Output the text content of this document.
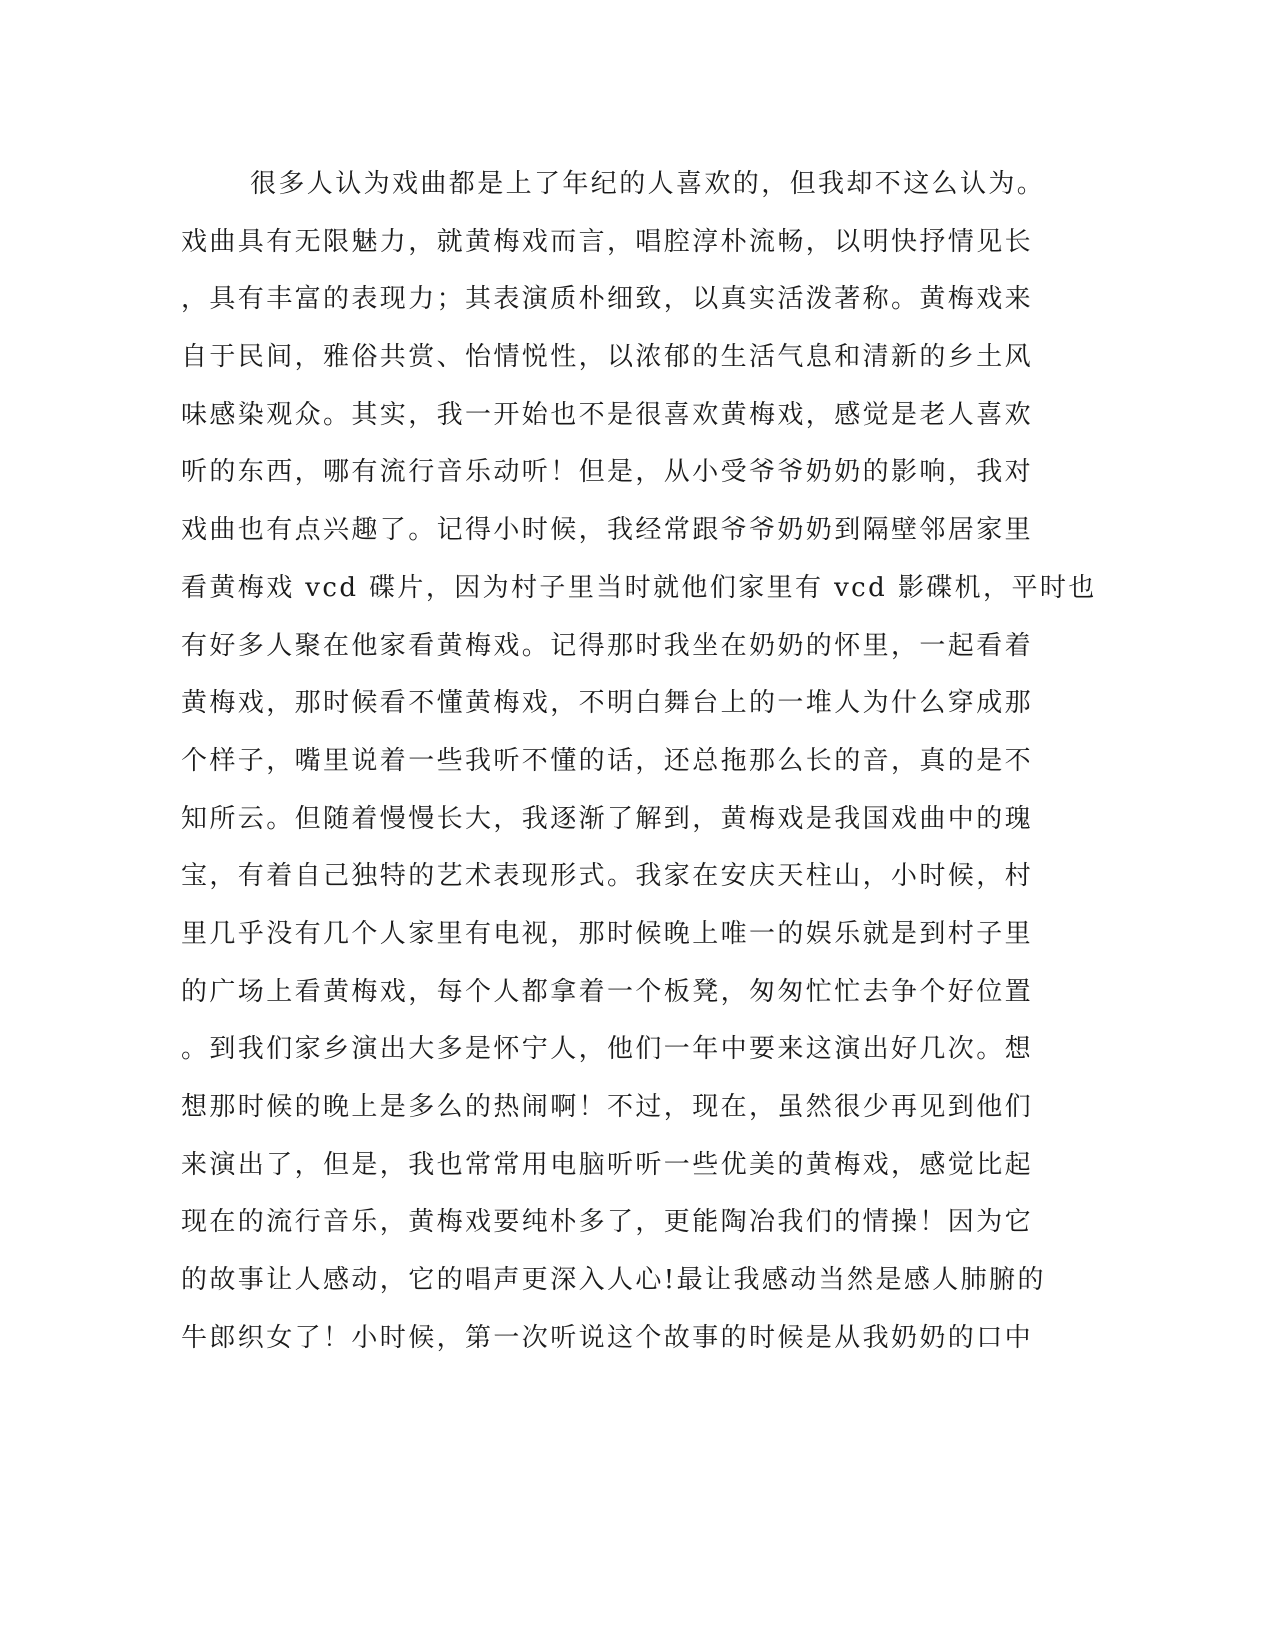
很多人认为戏曲都是上了年纪的人喜欢的，但我却不这么认为。
戏曲具有无限魅力，就黄梅戏而言，唱腔淳朴流畅，以明快抒情见长
，具有丰富的表现力；其表演质朴细致，以真实活泼著称。黄梅戏来
自于民间，雅俗共赏、怡情悦性，以浓郁的生活气息和清新的乡土风
味感染观众。其实，我一开始也不是很喜欢黄梅戏，感觉是老人喜欢
听的东西，哪有流行音乐动听！但是，从小受爷爷奶奶的影响，我对
戏曲也有点兴趣了。记得小时候，我经常跟爷爷奶奶到隔壁邻居家里
看黄梅戏 vcd 碟片，因为村子里当时就他们家里有 vcd 影碟机，平时也
有好多人聚在他家看黄梅戏。记得那时我坐在奶奶的怀里，一起看着
黄梅戏，那时候看不懂黄梅戏，不明白舞台上的一堆人为什么穿成那
个样子，嘴里说着一些我听不懂的话，还总拖那么长的音，真的是不
知所云。但随着慢慢长大，我逐渐了解到，黄梅戏是我国戏曲中的瑰
宝，有着自己独特的艺术表现形式。我家在安庆天柱山，小时候，村
里几乎没有几个人家里有电视，那时候晚上唯一的娱乐就是到村子里
的广场上看黄梅戏，每个人都拿着一个板凳，匆匆忙忙去争个好位置
。到我们家乡演出大多是怀宁人，他们一年中要来这演出好几次。想
想那时候的晚上是多么的热闹啊！不过，现在，虽然很少再见到他们
来演出了，但是，我也常常用电脑听听一些优美的黄梅戏，感觉比起
现在的流行音乐，黄梅戏要纯朴多了，更能陶冶我们的情操！因为它
的故事让人感动，它的唱声更深入人心!最让我感动当然是感人肺腑的
牛郎织女了！小时候，第一次听说这个故事的时候是从我奶奶的口中
